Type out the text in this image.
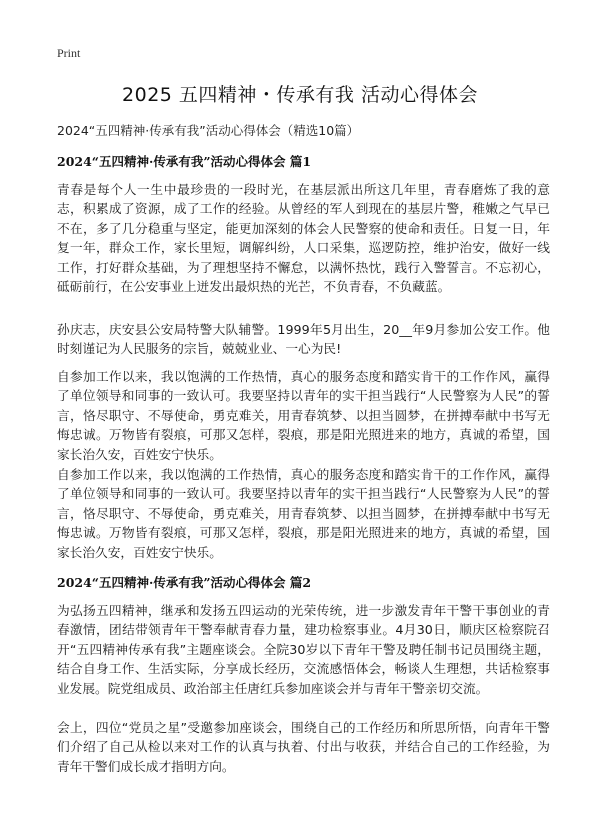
Print
2025 五四精神・传承有我 活动心得体会
2024“五四精神·传承有我”活动心得体会（精选10篇）
2024“五四精神·传承有我”活动心得体会 篇1
青春是每个人一生中最珍贵的一段时光，在基层派出所这几年里，青春磨炼了我的意志，积累成了资源，成了工作的经验。从曾经的军人到现在的基层片警，稚嫩之气早已不在，多了几分稳重与坚定，能更加深刻的体会人民警察的使命和责任。日复一日，年复一年，群众工作，家长里短，调解纠纷，人口采集，巡逻防控，维护治安，做好一线工作，打好群众基础，为了理想坚持不懈怠，以满怀热忱，践行入警誓言。不忘初心，砥砺前行，在公安事业上迸发出最炽热的光芒，不负青春，不负藏蓝。
孙庆志，庆安县公安局特警大队辅警。1999年5月出生，20__年9月参加公安工作。他时刻谨记为人民服务的宗旨，兢兢业业、一心为民!
自参加工作以来，我以饱满的工作热情，真心的服务态度和踏实肯干的工作作风，赢得了单位领导和同事的一致认可。我要坚持以青年的实干担当践行“人民警察为人民”的誓言，恪尽职守、不辱使命，勇克难关，用青春筑梦、以担当圆梦，在拼搏奉献中书写无悔忠诚。万物皆有裂痕，可那又怎样，裂痕，那是阳光照进来的地方，真诚的希望，国家长治久安，百姓安宁快乐。
自参加工作以来，我以饱满的工作热情，真心的服务态度和踏实肯干的工作作风，赢得了单位领导和同事的一致认可。我要坚持以青年的实干担当践行“人民警察为人民”的誓言，恪尽职守、不辱使命，勇克难关，用青春筑梦、以担当圆梦，在拼搏奉献中书写无悔忠诚。万物皆有裂痕，可那又怎样，裂痕，那是阳光照进来的地方，真诚的希望，国家长治久安，百姓安宁快乐。
2024“五四精神·传承有我”活动心得体会 篇2
为弘扬五四精神，继承和发扬五四运动的光荣传统，进一步激发青年干警干事创业的青春激情，团结带领青年干警奉献青春力量，建功检察事业。4月30日，顺庆区检察院召开“五四精神传承有我”主题座谈会。全院30岁以下青年干警及聘任制书记员围绕主题，结合自身工作、生活实际，分享成长经历，交流感悟体会，畅谈人生理想，共话检察事业发展。院党组成员、政治部主任唐红兵参加座谈会并与青年干警亲切交流。
会上，四位“党员之星”受邀参加座谈会，围绕自己的工作经历和所思所悟，向青年干警们介绍了自己从检以来对工作的认真与执着、付出与收获，并结合自己的工作经验，为青年干警们成长成才指明方向。
